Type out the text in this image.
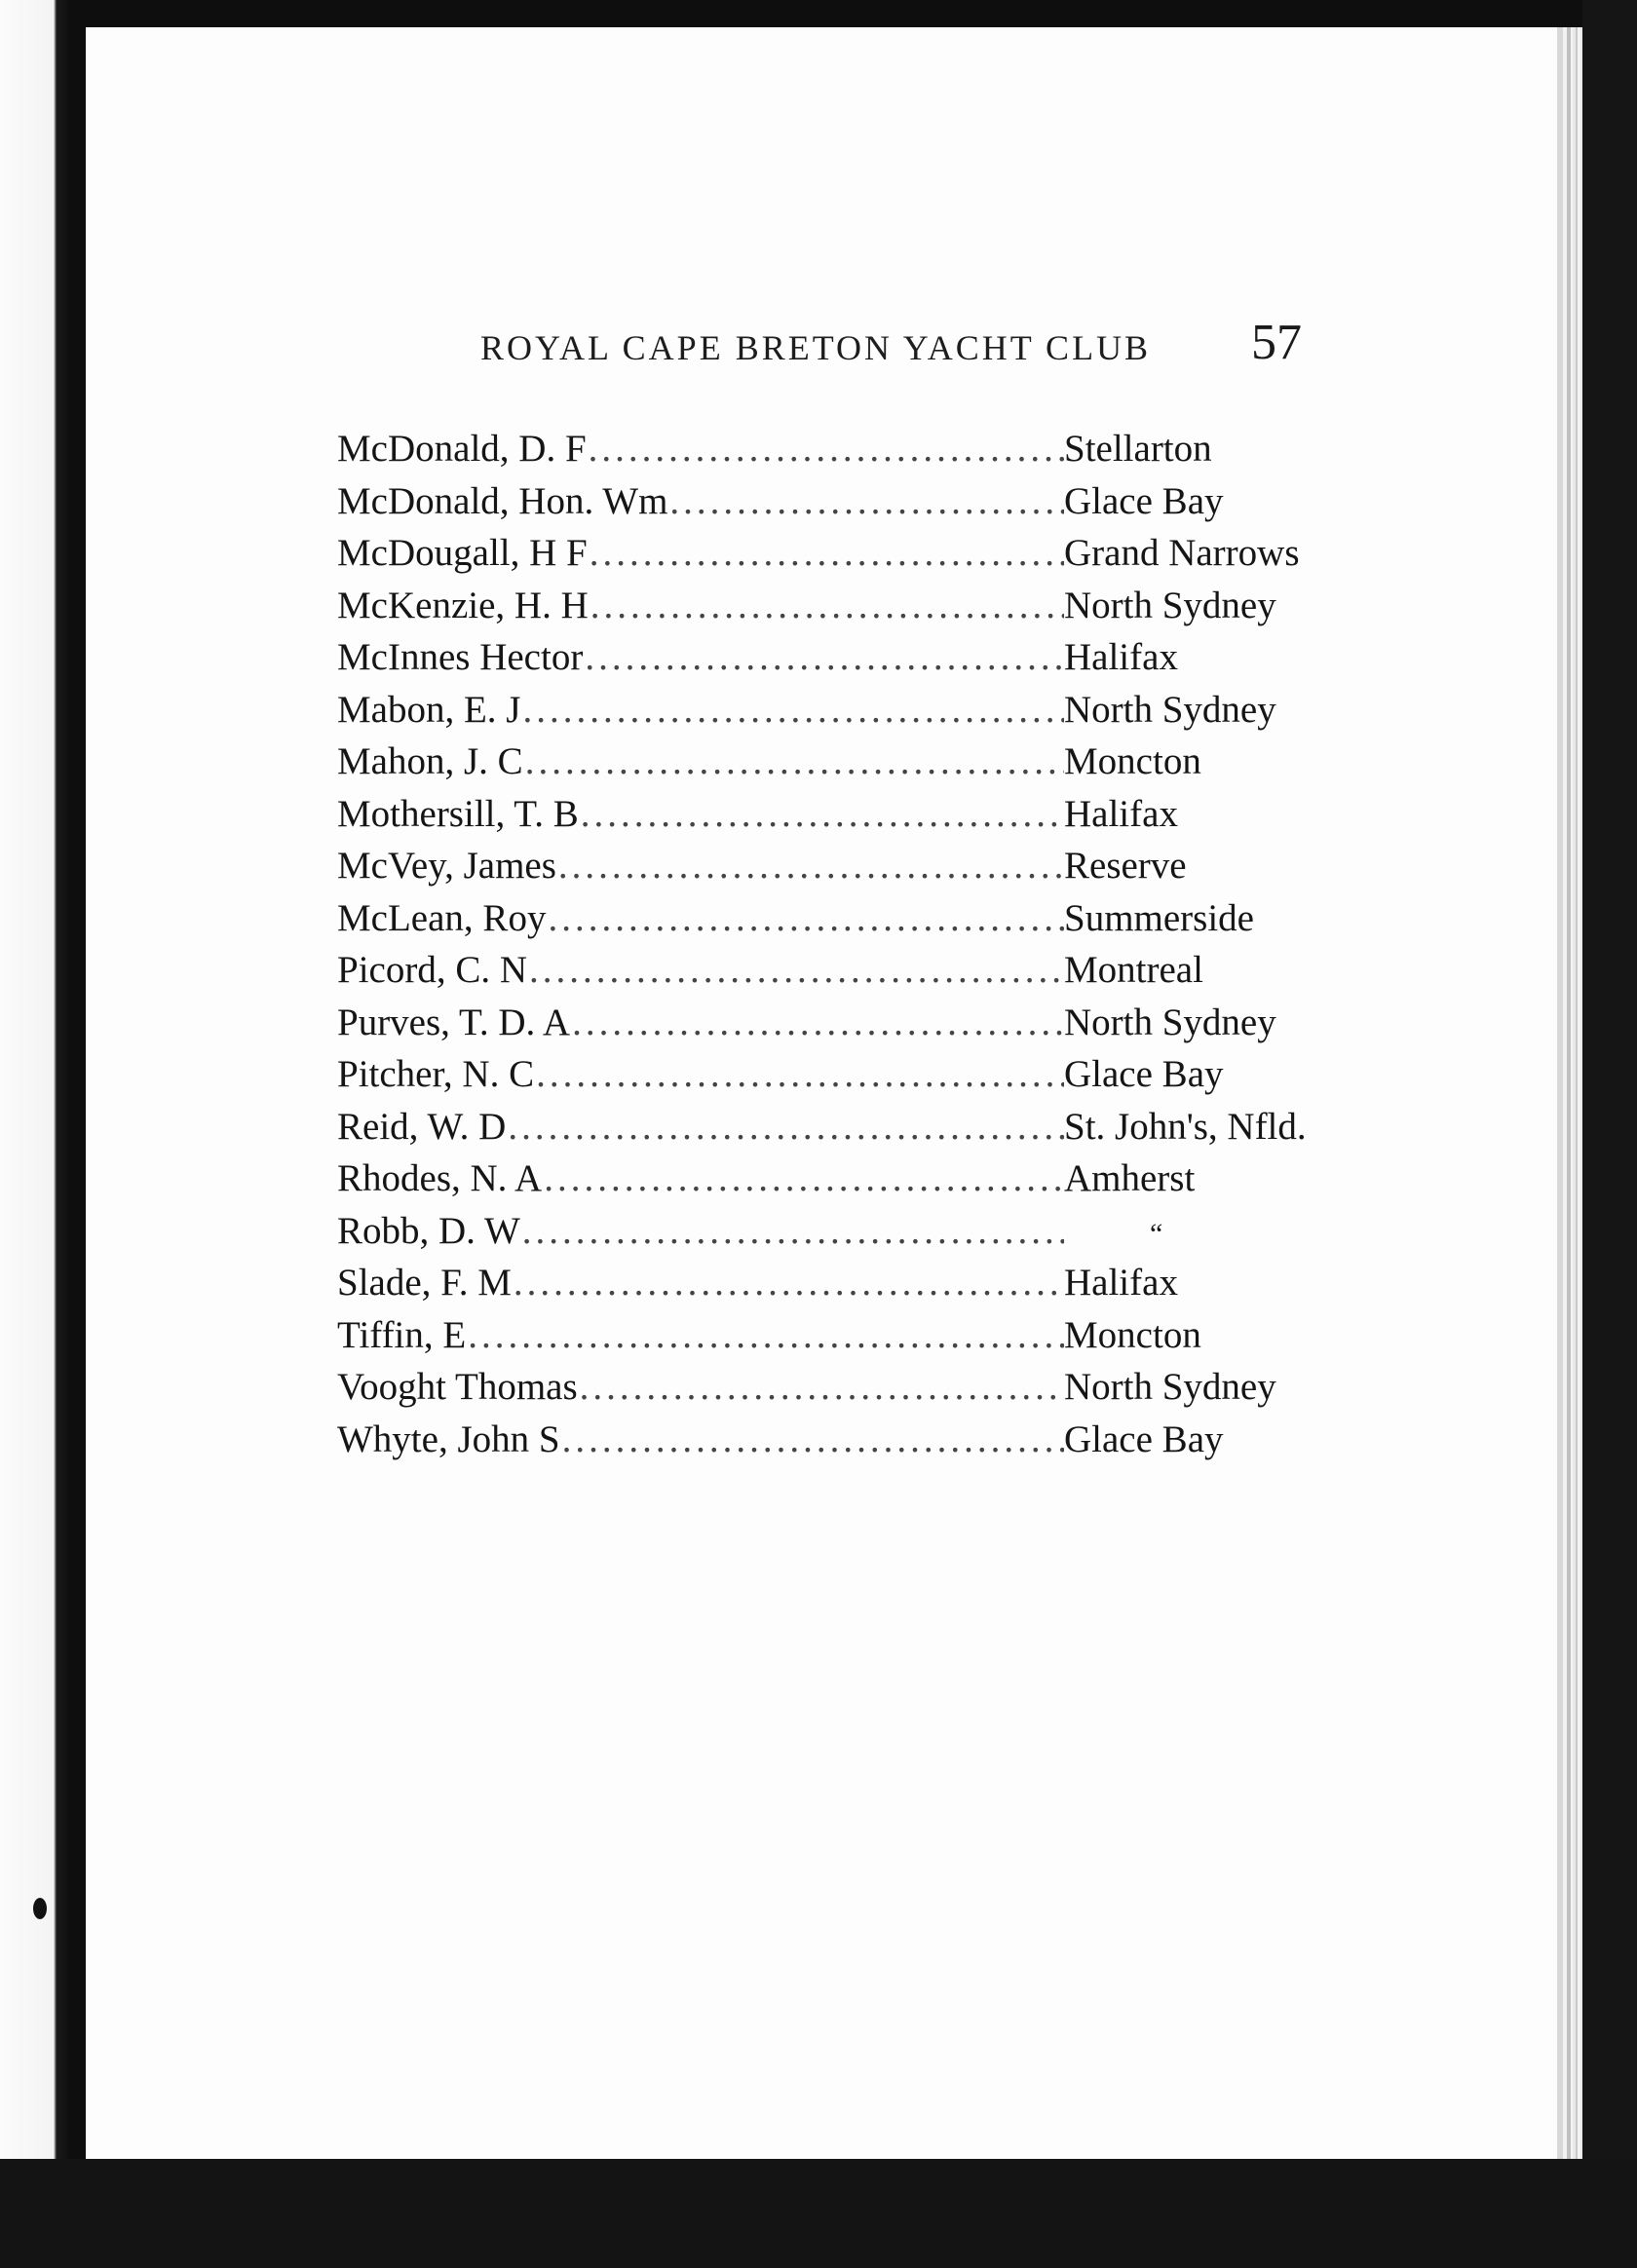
ROYAL CAPE BRETON YACHT CLUB 57
McDonald, D. F .....	Stellarton
McDonald, Hon. Wm .....	Glace Bay
McDougall, H F .....	Grand Narrows
McKenzie, H. H .....	North Sydney
McInnes Hector .....	Halifax
Mabon, E. J .....	North Sydney
Mahon, J. C .....	Moncton
Mothersill, T. B .....	Halifax
McVey, James .....	Reserve
McLean, Roy .....	Summerside
Picord, C. N .....	Montreal
Purves, T. D. A .....	North Sydney
Pitcher, N. C .....	Glace Bay
Reid, W. D .....	St. John's, Nfld.
Rhodes, N. A .....	Amherst
Robb, D. W .....	“
Slade, F. M .....	Halifax
Tiffin, E .....	Moncton
Vooght Thomas .....	North Sydney
Whyte, John S .....	Glace Bay
